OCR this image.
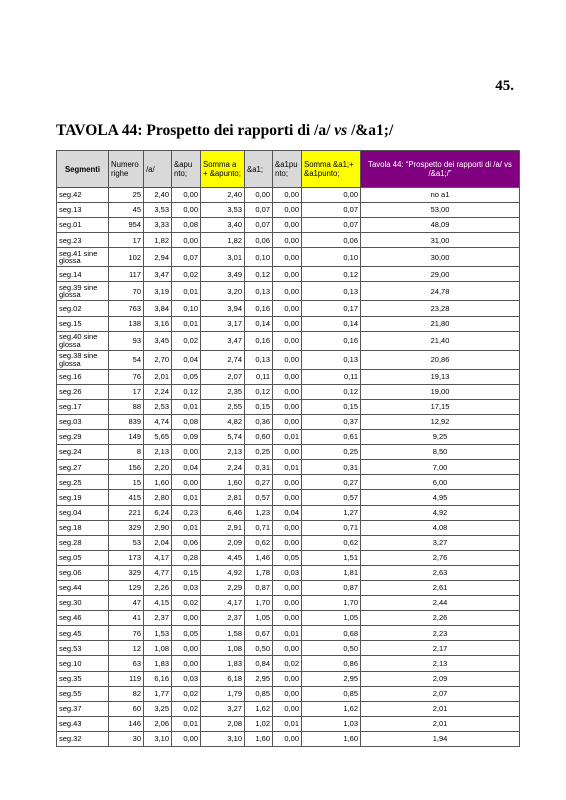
45.
TAVOLA 44: Prospetto dei rapporti di /a/ vs /&a1;/
Segmenti	Numero righe	/a/	&apu nto;	Somma a + &apunto;	&a1;	&a1pu nto;	Somma &a1;+ &a1punto;	Tavola 44: “Prospetto dei rapporti di /a/ vs /&a1;/”
seg.42	25	2,40	0,00	2,40	0,00	0,00	0,00	no a1
seg.13	45	3,53	0,00	3,53	0,07	0,00	0,07	53,00
seg.01	954	3,33	0,08	3,40	0,07	0,00	0,07	48,09
seg.23	17	1,82	0,00	1,82	0,06	0,00	0,06	31,00
seg.41 sine glossa	102	2,94	0,07	3,01	0,10	0,00	0,10	30,00
seg.14	117	3,47	0,02	3,49	0,12	0,00	0,12	29,00
seg.39 sine glossa	70	3,19	0,01	3,20	0,13	0,00	0,13	24,78
seg.02	763	3,84	0,10	3,94	0,16	0,00	0,17	23,28
seg.15	138	3,16	0,01	3,17	0,14	0,00	0,14	21,80
seg.40 sine glossa	93	3,45	0,02	3,47	0,16	0,00	0,16	21,40
seg.38 sine glossa	54	2,70	0,04	2,74	0,13	0,00	0,13	20,86
seg.16	76	2,01	0,05	2,07	0,11	0,00	0,11	19,13
seg.26	17	2,24	0,12	2,35	0,12	0,00	0,12	19,00
seg.17	88	2,53	0,01	2,55	0,15	0,00	0,15	17,15
seg.03	839	4,74	0,08	4,82	0,36	0,00	0,37	12,92
seg.29	149	5,65	0,09	5,74	0,60	0,01	0,61	9,25
seg.24	8	2,13	0,00	2,13	0,25	0,00	0,25	8,50
seg.27	156	2,20	0,04	2,24	0,31	0,01	0,31	7,00
seg.25	15	1,60	0,00	1,60	0,27	0,00	0,27	6,00
seg.19	415	2,80	0,01	2,81	0,57	0,00	0,57	4,95
seg.04	221	6,24	0,23	6,46	1,23	0,04	1,27	4,92
seg.18	329	2,90	0,01	2,91	0,71	0,00	0,71	4,08
seg.28	53	2,04	0,06	2,09	0,62	0,00	0,62	3,27
seg.05	173	4,17	0,28	4,45	1,46	0,05	1,51	2,76
seg.06	329	4,77	0,15	4,92	1,78	0,03	1,81	2,63
seg.44	129	2,26	0,03	2,29	0,87	0,00	0,87	2,61
seg.30	47	4,15	0,02	4,17	1,70	0,00	1,70	2,44
seg.46	41	2,37	0,00	2,37	1,05	0,00	1,05	2,26
seg.45	76	1,53	0,05	1,58	0,67	0,01	0,68	2,23
seg.53	12	1,08	0,00	1,08	0,50	0,00	0,50	2,17
seg.10	63	1,83	0,00	1,83	0,84	0,02	0,86	2,13
seg.35	119	6,16	0,03	6,18	2,95	0,00	2,95	2,09
seg.55	82	1,77	0,02	1,79	0,85	0,00	0,85	2,07
seg.37	60	3,25	0,02	3,27	1,62	0,00	1,62	2,01
seg.43	146	2,06	0,01	2,08	1,02	0,01	1,03	2,01
seg.32	30	3,10	0,00	3,10	1,60	0,00	1,60	1,94
